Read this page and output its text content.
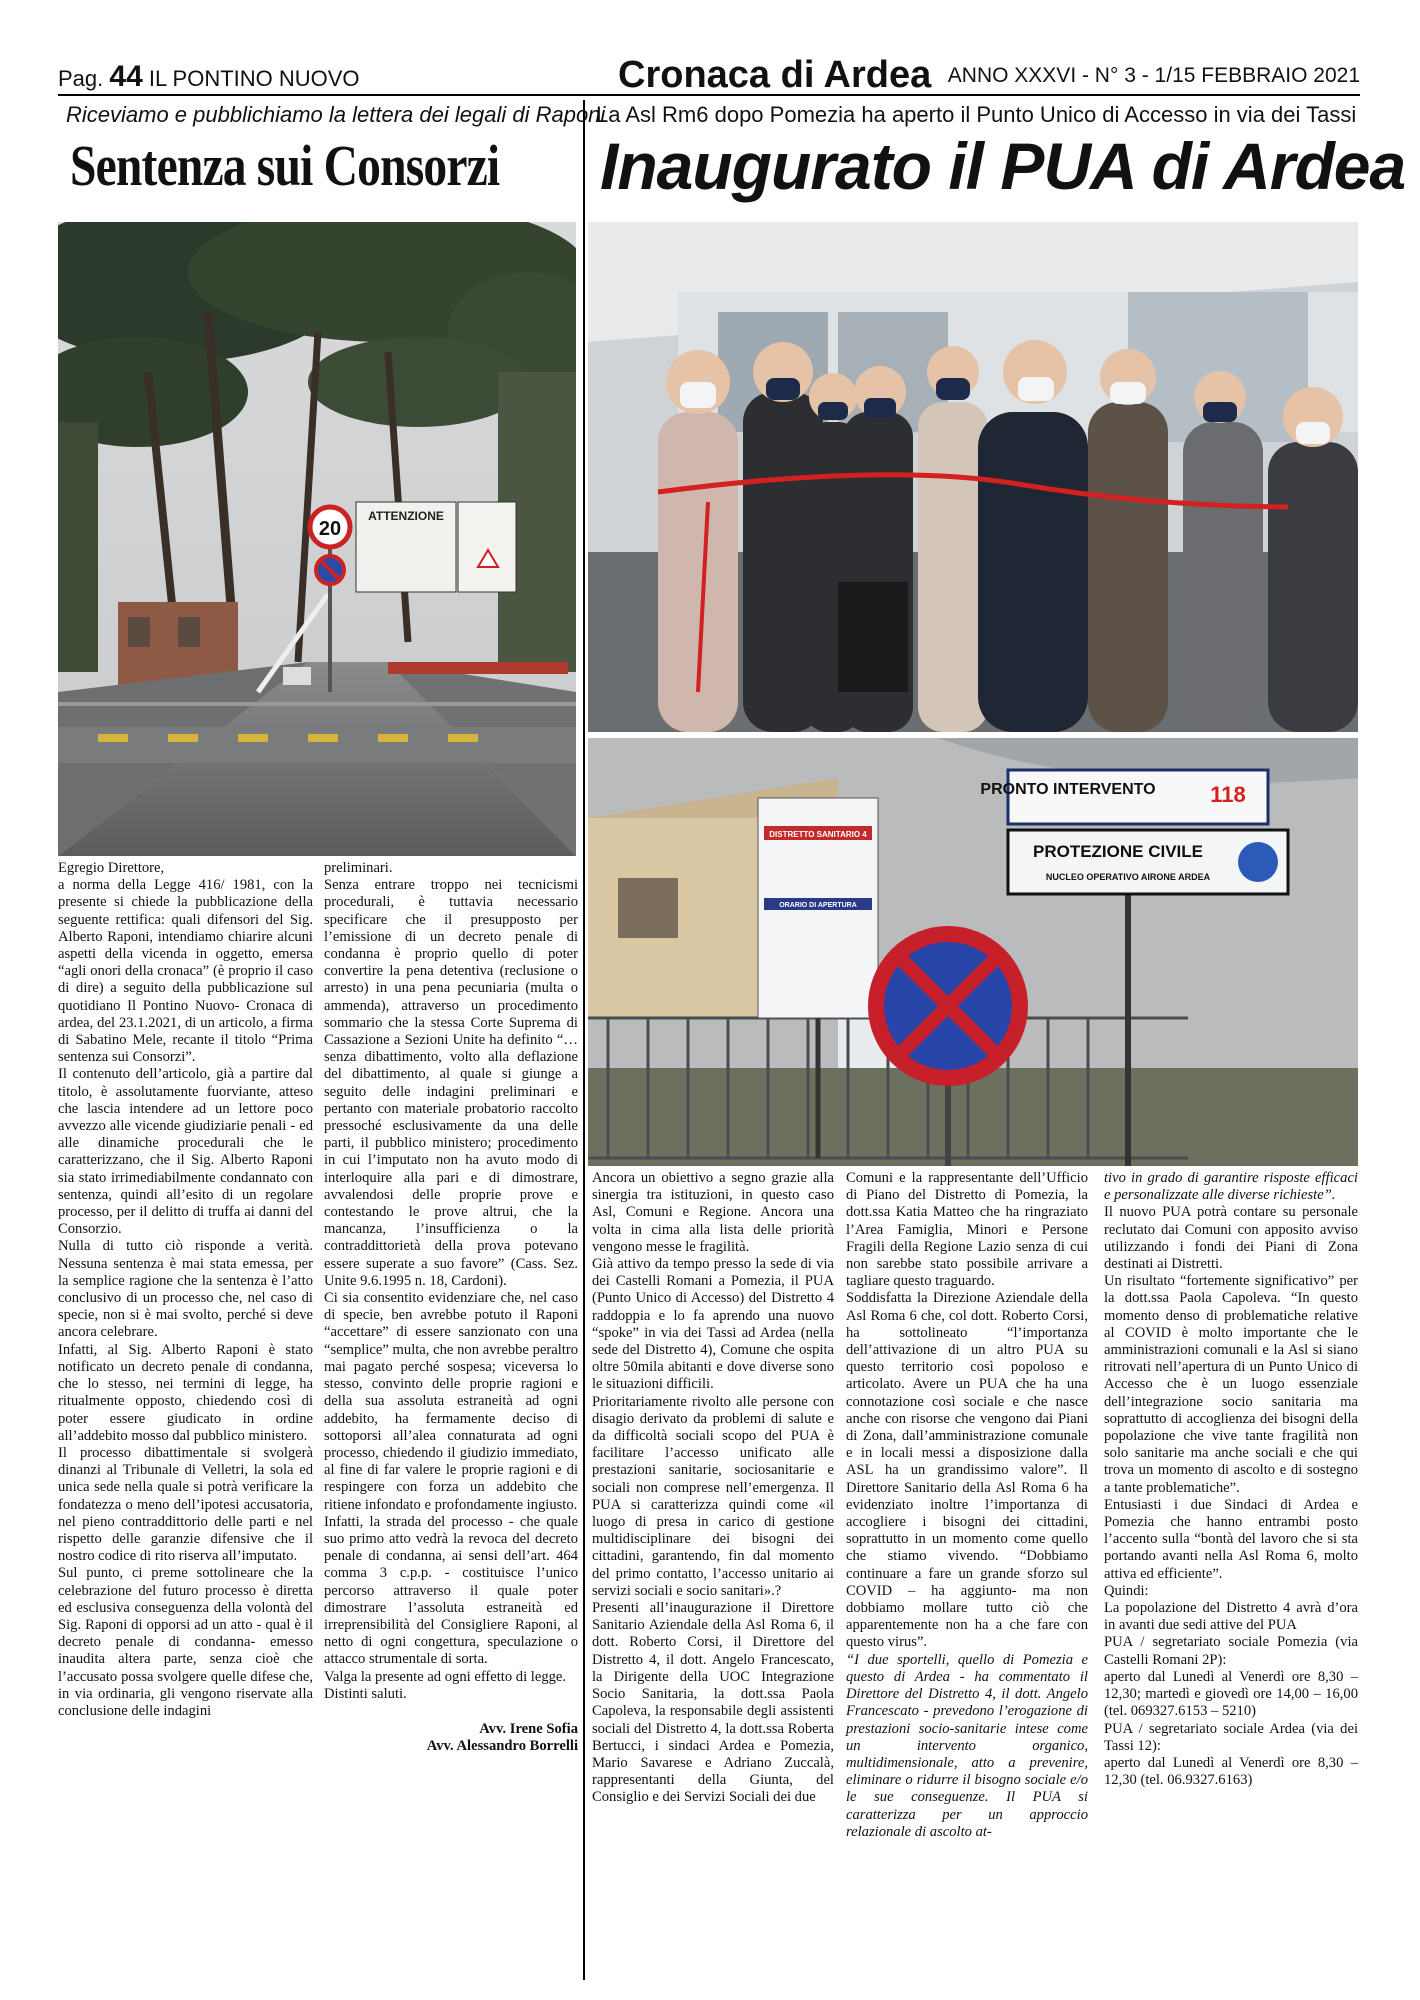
Pag. 44 IL PONTINO NUOVO	Cronaca di Ardea ANNO XXXVI - N° 3 - 1/15 FEBBRAIO 2021
Riceviamo e pubblichiamo la lettera dei legali di Raponi
Sentenza sui Consorzi
20
ATTENZIONE

Egregio Direttore,

a norma della Legge 416/ 1981, con la presente si chiede la pubblicazione della seguente rettifica: quali difensori del Sig. Alberto Raponi, intendiamo chiarire alcuni aspetti della vicenda in oggetto, emersa “agli onori della cronaca” (è proprio il caso di dire) a seguito della pubblicazione sul quotidiano Il Pontino Nuovo- Cronaca di ardea, del 23.1.2021, di un articolo, a firma di Sabatino Mele, recante il titolo “Prima sentenza sui Consorzi”.

Il contenuto dell’articolo, già a partire dal titolo, è assolutamente fuorviante, atteso che lascia intendere ad un lettore poco avvezzo alle vicende giudiziarie penali - ed alle dinamiche procedurali che le caratterizzano, che il Sig. Alberto Raponi sia stato irrimediabilmente condannato con sentenza, quindi all’esito di un regolare processo, per il delitto di truffa ai danni del Consorzio.

Nulla di tutto ciò risponde a verità. Nessuna sentenza è mai stata emessa, per la semplice ragione che la sentenza è l’atto conclusivo di un processo che, nel caso di specie, non si è mai svolto, perché si deve ancora celebrare.

Infatti, al Sig. Alberto Raponi è stato notificato un decreto penale di condanna, che lo stesso, nei termini di legge, ha ritualmente opposto, chiedendo così di poter essere giudicato in ordine all’addebito mosso dal pubblico ministero.

Il processo dibattimentale si svolgerà dinanzi al Tribunale di Velletri, la sola ed unica sede nella quale si potrà verificare la fondatezza o meno dell’ipotesi accusatoria, nel pieno contraddittorio delle parti e nel rispetto delle garanzie difensive che il nostro codice di rito riserva all’imputato.

Sul punto, ci preme sottolineare che la celebrazione del futuro processo è diretta ed esclusiva conseguenza della volontà del Sig. Raponi di opporsi ad un atto - qual è il decreto penale di condanna- emesso inaudita altera parte, senza cioè che l’accusato possa svolgere quelle difese che, in via ordinaria, gli vengono riservate alla conclusione delle indagini

preliminari.

Senza entrare troppo nei tecnicismi procedurali, è tuttavia necessario specificare che il presupposto per l’emissione di un decreto penale di condanna è proprio quello di poter convertire la pena detentiva (reclusione o arresto) in una pena pecuniaria (multa o ammenda), attraverso un procedimento sommario che la stessa Corte Suprema di Cassazione a Sezioni Unite ha definito “…senza dibattimento, volto alla deflazione del dibattimento, al quale si giunge a seguito delle indagini preliminari e pertanto con materiale probatorio raccolto pressoché esclusivamente da una delle parti, il pubblico ministero; procedimento in cui l’imputato non ha avuto modo di interloquire alla pari e di dimostrare, avvalendosi delle proprie prove e contestando le prove altrui, che la mancanza, l’insufficienza o la contraddittorietà della prova potevano essere superate a suo favore” (Cass. Sez. Unite 9.6.1995 n. 18, Cardoni).

Ci sia consentito evidenziare che, nel caso di specie, ben avrebbe potuto il Raponi “accettare” di essere sanzionato con una “semplice” multa, che non avrebbe peraltro mai pagato perché sospesa; viceversa lo stesso, convinto delle proprie ragioni e della sua assoluta estraneità ad ogni addebito, ha fermamente deciso di sottoporsi all’alea connaturata ad ogni processo, chiedendo il giudizio immediato, al fine di far valere le proprie ragioni e di respingere con forza un addebito che ritiene infondato e profondamente ingiusto.

Infatti, la strada del processo - che quale suo primo atto vedrà la revoca del decreto penale di condanna, ai sensi dell’art. 464 comma 3 c.p.p. - costituisce l’unico percorso attraverso il quale poter dimostrare l’assoluta estraneità ed irreprensibilità del Consigliere Raponi, al netto di ogni congettura, speculazione o attacco strumentale di sorta.

Valga la presente ad ogni effetto di legge.

Distinti saluti.

Avv. Irene Sofia

Avv. Alessandro Borrelli

La Asl Rm6 dopo Pomezia ha aperto il Punto Unico di Accesso in via dei Tassi
Inaugurato il PUA di Ardea
DISTRETTO SANITARIO 4
ORARIO DI APERTURA
PRONTO INTERVENTO 118
PROTEZIONE CIVILE
NUCLEO OPERATIVO AIRONE ARDEA

Ancora un obiettivo a segno grazie alla sinergia tra istituzioni, in questo caso Asl, Comuni e Regione. Ancora una volta in cima alla lista delle priorità vengono messe le fragilità.

Già attivo da tempo presso la sede di via dei Castelli Romani a Pomezia, il PUA (Punto Unico di Accesso) del Distretto 4 raddoppia e lo fa aprendo una nuovo “spoke” in via dei Tassi ad Ardea (nella sede del Distretto 4), Comune che ospita oltre 50mila abitanti e dove diverse sono le situazioni difficili.

Prioritariamente rivolto alle persone con disagio derivato da problemi di salute e da difficoltà sociali scopo del PUA è facilitare l’accesso unificato alle prestazioni sanitarie, sociosanitarie e sociali non comprese nell’emergenza. Il PUA si caratterizza quindi come «il luogo di presa in carico di gestione multidisciplinare dei bisogni dei cittadini, garantendo, fin dal momento del primo contatto, l’accesso unitario ai servizi sociali e socio sanitari».?

Presenti all’inaugurazione il Direttore Sanitario Aziendale della Asl Roma 6, il dott. Roberto Corsi, il Direttore del Distretto 4, il dott. Angelo Francescato, la Dirigente della UOC Integrazione Socio Sanitaria, la dott.ssa Paola Capoleva, la responsabile degli assistenti sociali del Distretto 4, la dott.ssa Roberta Bertucci, i sindaci Ardea e Pomezia, Mario Savarese e Adriano Zuccalà, rappresentanti della Giunta, del Consiglio e dei Servizi Sociali dei due

Comuni e la rappresentante dell’Ufficio di Piano del Distretto di Pomezia, la dott.ssa Katia Matteo che ha ringraziato l’Area Famiglia, Minori e Persone Fragili della Regione Lazio senza di cui non sarebbe stato possibile arrivare a tagliare questo traguardo.

Soddisfatta la Direzione Aziendale della Asl Roma 6 che, col dott. Roberto Corsi, ha sottolineato “l’importanza dell’attivazione di un altro PUA su questo territorio così popoloso e articolato. Avere un PUA che ha una connotazione così sociale e che nasce anche con risorse che vengono dai Piani di Zona, dall’amministrazione comunale e in locali messi a disposizione dalla ASL ha un grandissimo valore”. Il Direttore Sanitario della Asl Roma 6 ha evidenziato inoltre l’importanza di accogliere i bisogni dei cittadini, soprattutto in un momento come quello che stiamo vivendo. “Dobbiamo continuare a fare un grande sforzo sul COVID – ha aggiunto- ma non dobbiamo mollare tutto ciò che apparentemente non ha a che fare con questo virus”.

“I due sportelli, quello di Pomezia e questo di Ardea - ha commentato il Direttore del Distretto 4, il dott. Angelo Francescato - prevedono l’erogazione di prestazioni socio-sanitarie intese come un intervento organico, multidimensionale, atto a prevenire, eliminare o ridurre il bisogno sociale e/o le sue conseguenze. Il PUA si caratterizza per un approccio relazionale di ascolto at-

tivo in grado di garantire risposte efficaci e personalizzate alle diverse richieste”.

Il nuovo PUA potrà contare su personale reclutato dai Comuni con apposito avviso utilizzando i fondi dei Piani di Zona destinati ai Distretti.

Un risultato “fortemente significativo” per la dott.ssa Paola Capoleva. “In questo momento denso di problematiche relative al COVID è molto importante che le amministrazioni comunali e la Asl si siano ritrovati nell’apertura di un Punto Unico di Accesso che è un luogo essenziale dell’integrazione socio sanitaria ma soprattutto di accoglienza dei bisogni della popolazione che vive tante fragilità non solo sanitarie ma anche sociali e che qui trova un momento di ascolto e di sostegno a tante problematiche”.

Entusiasti i due Sindaci di Ardea e Pomezia che hanno entrambi posto l’accento sulla “bontà del lavoro che si sta portando avanti nella Asl Roma 6, molto attiva ed efficiente”.

Quindi:

La popolazione del Distretto 4 avrà d’ora in avanti due sedi attive del PUA

PUA / segretariato sociale Pomezia (via Castelli Romani 2P):

aperto dal Lunedì al Venerdì ore 8,30 – 12,30; martedì e giovedì ore 14,00 – 16,00 (tel. 069327.6153 – 5210)

PUA / segretariato sociale Ardea (via dei Tassi 12):

aperto dal Lunedì al Venerdì ore 8,30 – 12,30 (tel. 06.9327.6163)
